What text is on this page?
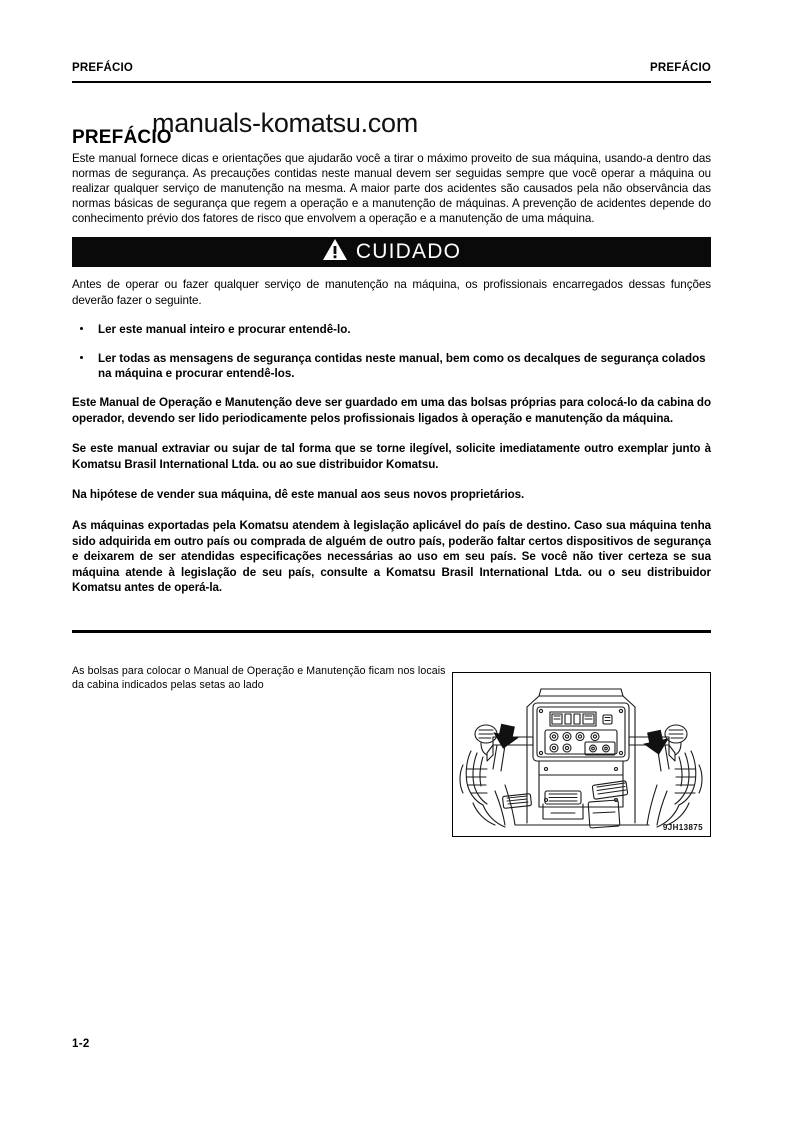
PREFÁCIO	PREFÁCIO
manuals-komatsu.com
PREFÁCIO

Este manual fornece dicas e orientações que ajudarão você a tirar o máximo proveito de sua máquina, usando-a dentro das normas de segurança. As precauções contidas neste manual devem ser seguidas sempre que você operar a máquina ou realizar qualquer serviço de manutenção na mesma. A maior parte dos acidentes são causados pela não observância das normas básicas de segurança que regem a operação e a manutenção de máquinas. A prevenção de acidentes depende do conhecimento prévio dos fatores de risco que envolvem a operação e a manutenção de uma máquina.

CUIDADO

Antes de operar ou fazer qualquer serviço de manutenção na máquina, os profissionais encarregados dessas funções deverão fazer o seguinte.

Ler este manual inteiro e procurar entendê-lo.
Ler todas as mensagens de segurança contidas neste manual, bem como os decalques de segurança colados na máquina e procurar entendê-los.

Este Manual de Operação e Manutenção deve ser guardado em uma das bolsas próprias para colocá-lo da cabina do operador, devendo ser lido periodicamente pelos profissionais ligados à operação e manutenção da máquina.

Se este manual extraviar ou sujar de tal forma que se torne ilegível, solicite imediatamente outro exemplar junto à Komatsu Brasil International Ltda. ou ao sue distribuidor Komatsu.

Na hipótese de vender sua máquina, dê este manual aos seus novos proprietários.

As máquinas exportadas pela Komatsu atendem à legislação aplicável do país de destino. Caso sua máquina tenha sido adquirida em outro país ou comprada de alguém de outro país, poderão faltar certos dispositivos de segurança e deixarem de ser atendidas especificações necessárias ao uso em seu país. Se você não tiver certeza se sua máquina atende à legislação de seu país, consulte a Komatsu Brasil International Ltda. ou o seu distribuidor Komatsu antes de operá-la.

As bolsas para colocar o Manual de Operação e Manutenção ficam nos locais da cabina indicados pelas setas ao lado
9JH13875
1-2
